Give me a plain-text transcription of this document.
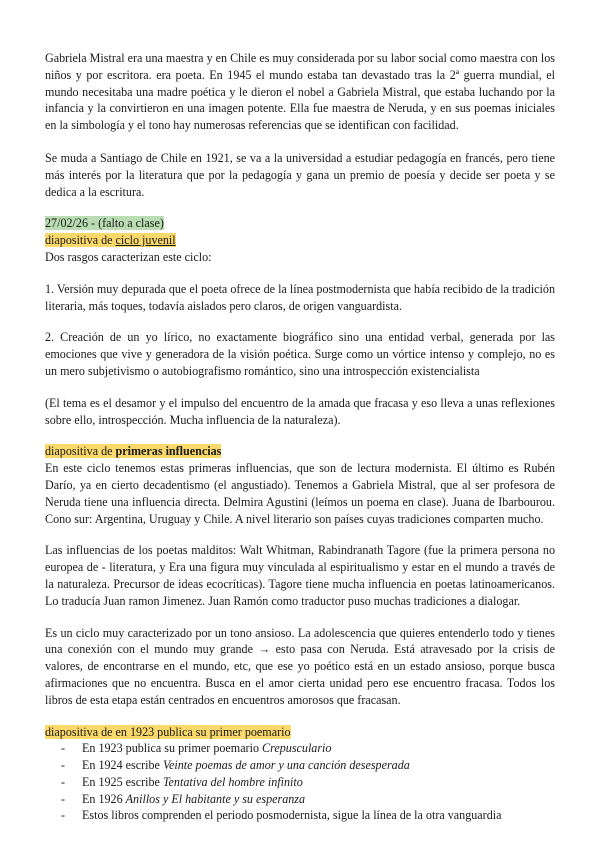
Gabriela Mistral era una maestra y en Chile es muy considerada por su labor social como maestra con los niños y por escritora. era poeta. En 1945 el mundo estaba tan devastado tras la 2ª guerra mundial, el mundo necesitaba una madre poética y le dieron el nobel a Gabriela Mistral, que estaba luchando por la infancia y la convirtieron en una imagen potente. Ella fue maestra de Neruda, y en sus poemas iniciales en la simbología y el tono hay numerosas referencias que se identifican con facilidad.

Se muda a Santiago de Chile en 1921, se va a la universidad a estudiar pedagogía en francés, pero tiene más interés por la literatura que por la pedagogía y gana un premio de poesía y decide ser poeta y se dedica a la escritura.

27/02/26 - (falto a clase)

diapositiva de ciclo juvenil

Dos rasgos caracterizan este ciclo:

1. Versión muy depurada que el poeta ofrece de la línea postmodernista que había recibido de la tradición literaria, más toques, todavía aislados pero claros, de origen vanguardista.

2. Creación de un yo lírico, no exactamente biográfico sino una entidad verbal, generada por las emociones que vive y generadora de la visión poética. Surge como un vórtice intenso y complejo, no es un mero subjetivismo o autobiografismo romántico, sino una introspección existencialista

(El tema es el desamor y el impulso del encuentro de la amada que fracasa y eso lleva a unas reflexiones sobre ello, introspección. Mucha influencia de la naturaleza).

diapositiva de primeras influencias

En este ciclo tenemos estas primeras influencias, que son de lectura modernista. El último es Rubén Darío, ya en cierto decadentismo (el angustiado). Tenemos a Gabriela Mistral, que al ser profesora de Neruda tiene una influencia directa. Delmira Agustini (leímos un poema en clase). Juana de Ibarbourou. Cono sur: Argentina, Uruguay y Chile. A nivel literario son países cuyas tradiciones comparten mucho.

Las influencias de los poetas malditos: Walt Whitman, Rabindranath Tagore (fue la primera persona no europea de - literatura, y Era una figura muy vinculada al espiritualismo y estar en el mundo a través de la naturaleza. Precursor de ideas ecocríticas). Tagore tiene mucha influencia en poetas latinoamericanos. Lo traducía Juan ramon Jimenez. Juan Ramón como traductor puso muchas tradiciones a dialogar.

Es un ciclo muy caracterizado por un tono ansioso. La adolescencia que quieres entenderlo todo y tienes una conexión con el mundo muy grande → esto pasa con Neruda. Está atravesado por la crisis de valores, de encontrarse en el mundo, etc, que ese yo poético está en un estado ansioso, porque busca afirmaciones que no encuentra. Busca en el amor cierta unidad pero ese encuentro fracasa. Todos los libros de esta etapa están centrados en encuentros amorosos que fracasan.

diapositiva de en 1923 publica su primer poemario

- En 1923 publica su primer poemario Crepusculario
- En 1924 escribe Veinte poemas de amor y una canción desesperada
- En 1925 escribe Tentativa del hombre infinito
- En 1926 Anillos y El habitante y su esperanza
- Estos libros comprenden el periodo posmodernista, sigue la línea de la otra vanguardia
